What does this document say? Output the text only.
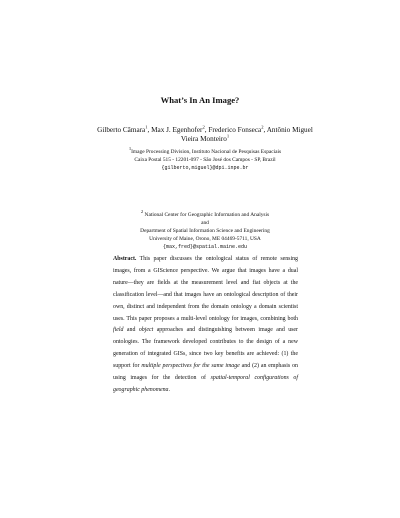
What’s In An Image?
Gilberto Câmara$^1$, Max J. Egenhofer$^2$, Frederico Fonseca$^2$, Antônio Miguel
Vieira Monteiro$^1$
$^1$Image Processing Division, Instituto Nacional de Pesquisas Espaciais
Caixa Postal 515 - 12201-097 - São José dos Campos - SP, Brazil
{gilberto,miguel}@dpi.inpe.br
$^2$ National Center for Geographic Information and Analysis
and
Department of Spatial Information Science and Engineering
University of Maine, Orono, ME 04469-5711, USA
{max,fred}@spatial.maine.edu
Abstract. This paper discusses the ontological status of remote sensing images, from a GIScience perspective. We argue that images have a dual nature—they are fields at the measurement level and fiat objects at the classification level—and that images have an ontological description of their own, distinct and independent from the domain ontology a domain scientist uses. This paper proposes a multi-level ontology for images, combining both field and object approaches and distinguishing between image and user ontologies. The framework developed contributes to the design of a new generation of integrated GISs, since two key benefits are achieved: (1) the support for multiple perspectives for the same image and (2) an emphasis on using images for the detection of spatial-temporal configurations of geographic phenomena.
